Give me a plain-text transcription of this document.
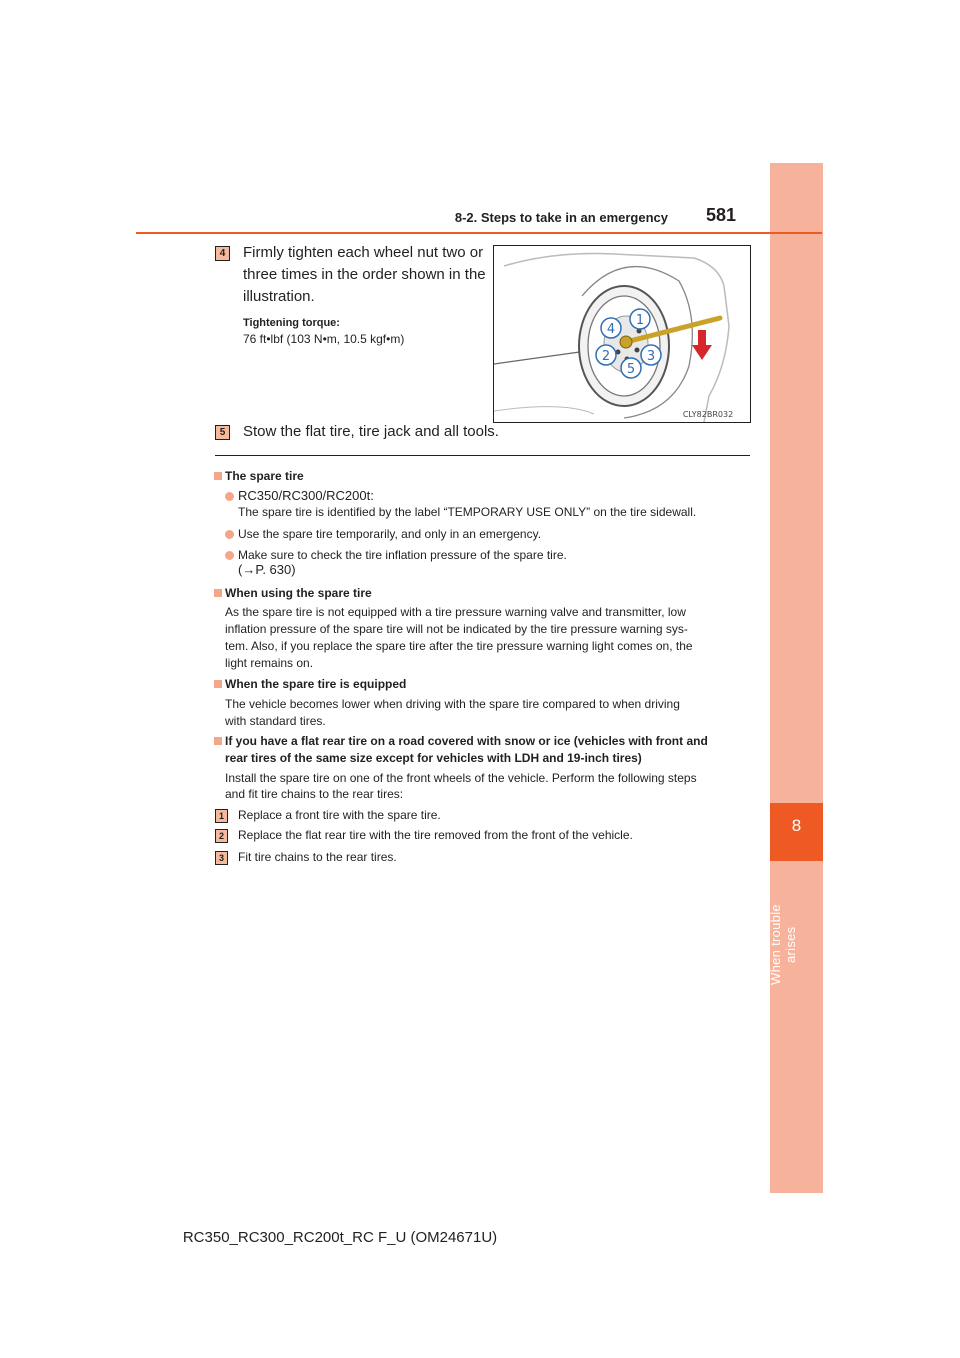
8
When trouble arises
8-2. Steps to take in an emergency 581
4	Firmly tighten each wheel nut two or
three times in the order shown in the
illustration.
Tightening torque:
76 ft•lbf (103 N•m, 10.5 kgf•m)
1
2	3
4
5
CLY82BR032
5	Stow the flat tire, tire jack and all tools.
The spare tire
RC350/RC300/RC200t:
The spare tire is identified by the label “TEMPORARY USE ONLY” on the tire sidewall.
Use the spare tire temporarily, and only in an emergency.
Make sure to check the tire inflation pressure of the spare tire.
(→P. 630)
When using the spare tire
As the spare tire is not equipped with a tire pressure warning valve and transmitter, low
inflation pressure of the spare tire will not be indicated by the tire pressure warning sys-
tem. Also, if you replace the spare tire after the tire pressure warning light comes on, the
light remains on.
When the spare tire is equipped
The vehicle becomes lower when driving with the spare tire compared to when driving
with standard tires.
If you have a flat rear tire on a road covered with snow or ice (vehicles with front and
rear tires of the same size except for vehicles with LDH and 19-inch tires)
Install the spare tire on one of the front wheels of the vehicle. Perform the following steps
and fit tire chains to the rear tires:
1	Replace a front tire with the spare tire.
2	Replace the flat rear tire with the tire removed from the front of the vehicle.
3	Fit tire chains to the rear tires.
RC350_RC300_RC200t_RC F_U (OM24671U)
